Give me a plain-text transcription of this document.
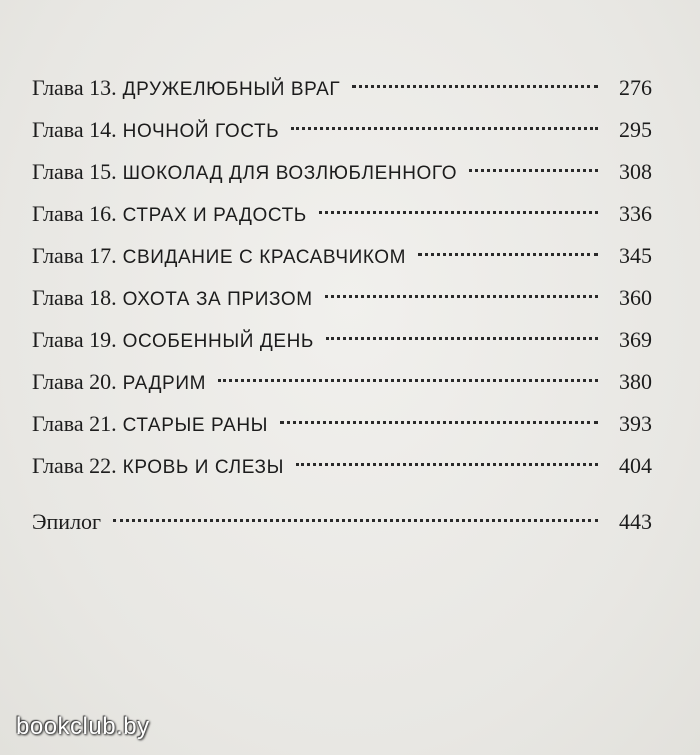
Глава 13. ДРУЖЕЛЮБНЫЙ ВРАГ	276
Глава 14. НОЧНОЙ ГОСТЬ	295
Глава 15. ШОКОЛАД ДЛЯ ВОЗЛЮБЛЕННОГО	308
Глава 16. СТРАХ И РАДОСТЬ	336
Глава 17. СВИДАНИЕ С КРАСАВЧИКОМ	345
Глава 18. ОХОТА ЗА ПРИЗОМ	360
Глава 19. ОСОБЕННЫЙ ДЕНЬ	369
Глава 20. РАДРИМ	380
Глава 21. СТАРЫЕ РАНЫ	393
Глава 22. КРОВЬ И СЛЕЗЫ	404
Эпилог	443
bookclub.by
